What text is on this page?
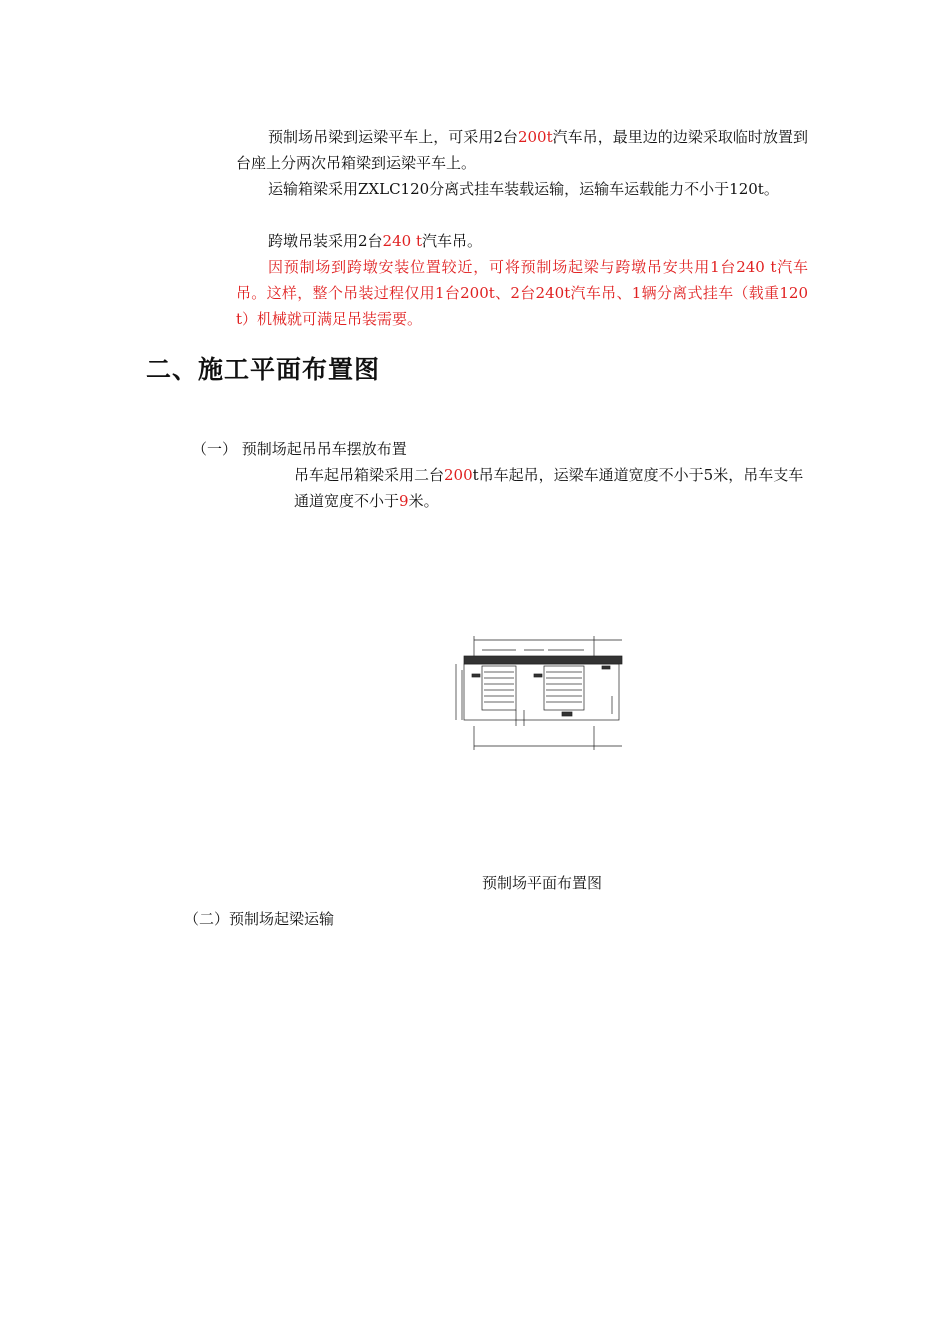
预制场吊梁到运梁平车上，可采用2台200t汽车吊，最里边的边梁采取临时放置到台座上分两次吊箱梁到运梁平车上。
运输箱梁采用ZXLC120分离式挂车装载运输，运输车运载能力不小于120t。
跨墩吊装采用2台240 t汽车吊。
因预制场到跨墩安装位置较近，可将预制场起梁与跨墩吊安共用1台240 t汽车吊。这样，整个吊装过程仅用1台200t、2台240t汽车吊、1辆分离式挂车（载重120 t）机械就可满足吊装需要。
二、施工平面布置图
（一） 预制场起吊吊车摆放布置
吊车起吊箱梁采用二台200t吊车起吊，运梁车通道宽度不小于5米，吊车支车通道宽度不小于9米。
预制场平面布置图
（二）预制场起梁运输
